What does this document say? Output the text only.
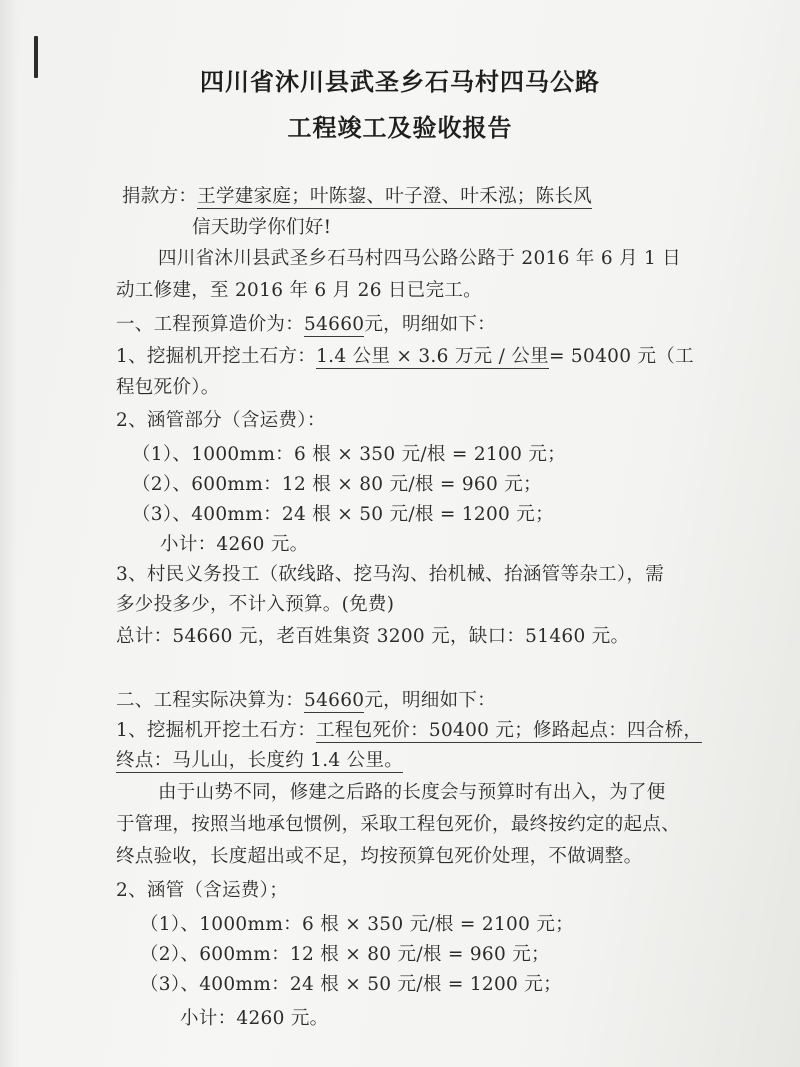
四川省沐川县武圣乡石马村四马公路
工程竣工及验收报告
捐款方：王学建家庭；叶陈鋆、叶子澄、叶禾泓；陈长风
信天助学你们好!
四川省沐川县武圣乡石马村四马公路公路于 2016 年 6 月 1 日
动工修建，至 2016 年 6 月 26 日已完工。
一、工程预算造价为：54660元，明细如下：
1、挖掘机开挖土石方：1.4 公里 × 3.6 万元 / 公里= 50400 元（工
程包死价）。
2、涵管部分（含运费）：
（1）、1000mm：6 根 × 350 元/根 = 2100 元；
（2）、600mm：12 根 × 80 元/根 = 960 元；
（3）、400mm：24 根 × 50 元/根 = 1200 元；
小计：4260 元。
3、村民义务投工（砍线路、挖马沟、抬机械、抬涵管等杂工），需
多少投多少，不计入预算。(免费)
总计：54660 元，老百姓集资 3200 元，缺口：51460 元。
二、工程实际决算为：54660元，明细如下：
1、挖掘机开挖土石方：工程包死价：50400 元；修路起点：四合桥，
终点：马儿山，长度约 1.4 公里。
由于山势不同，修建之后路的长度会与预算时有出入，为了便
于管理，按照当地承包惯例，采取工程包死价，最终按约定的起点、
终点验收，长度超出或不足，均按预算包死价处理，不做调整。
2、涵管（含运费）；
（1）、1000mm：6 根 × 350 元/根 = 2100 元；
（2）、600mm：12 根 × 80 元/根 = 960 元；
（3）、400mm：24 根 × 50 元/根 = 1200 元；
小计：4260 元。
